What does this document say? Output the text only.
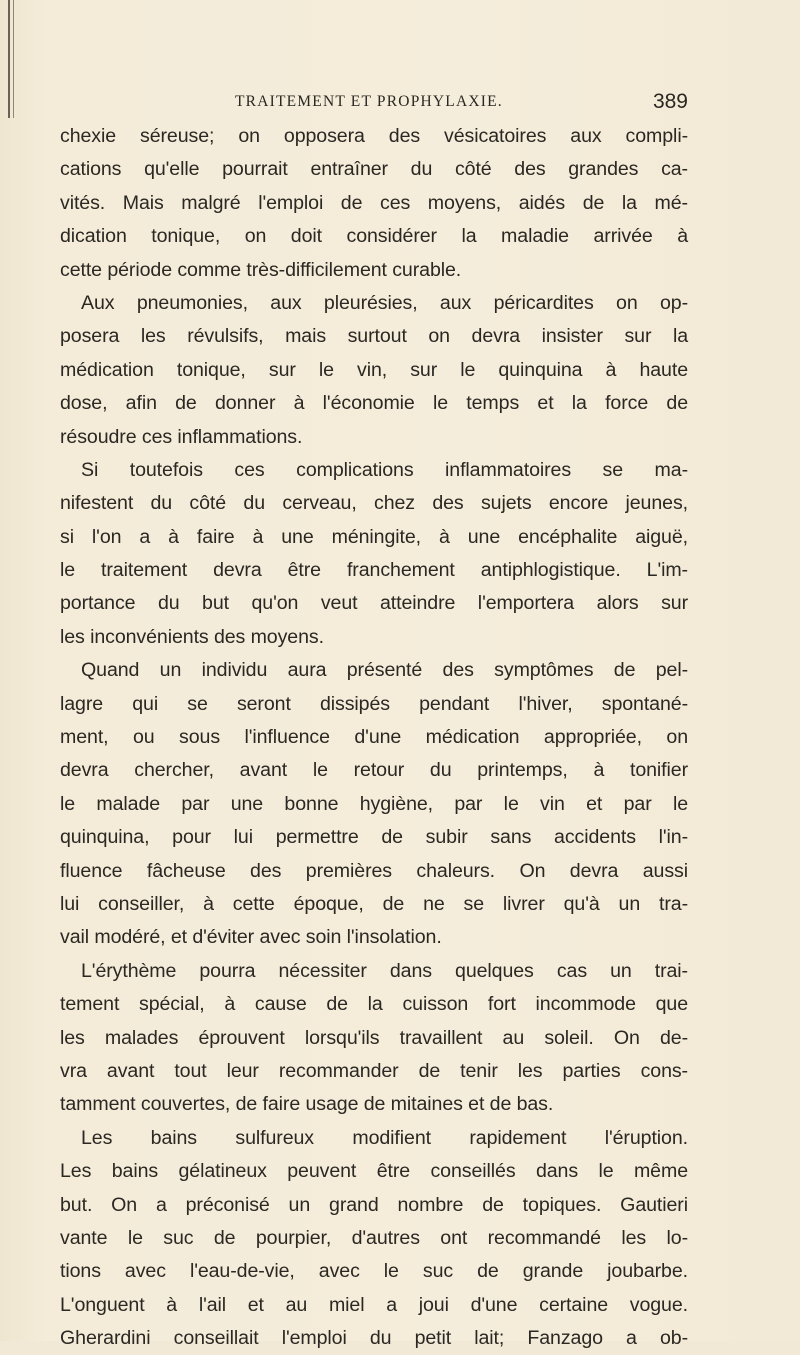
TRAITEMENT ET PROPHYLAXIE.	389
chexie séreuse; on opposera des vésicatoires aux compli-
cations qu'elle pourrait entraîner du côté des grandes ca-
vités. Mais malgré l'emploi de ces moyens, aidés de la mé-
dication tonique, on doit considérer la maladie arrivée à
cette période comme très-difficilement curable.
Aux pneumonies, aux pleurésies, aux péricardites on op-
posera les révulsifs, mais surtout on devra insister sur la
médication tonique, sur le vin, sur le quinquina à haute
dose, afin de donner à l'économie le temps et la force de
résoudre ces inflammations.
Si toutefois ces complications inflammatoires se ma-
nifestent du côté du cerveau, chez des sujets encore jeunes,
si l'on a à faire à une méningite, à une encéphalite aiguë,
le traitement devra être franchement antiphlogistique. L'im-
portance du but qu'on veut atteindre l'emportera alors sur
les inconvénients des moyens.
Quand un individu aura présenté des symptômes de pel-
lagre qui se seront dissipés pendant l'hiver, spontané-
ment, ou sous l'influence d'une médication appropriée, on
devra chercher, avant le retour du printemps, à tonifier
le malade par une bonne hygiène, par le vin et par le
quinquina, pour lui permettre de subir sans accidents l'in-
fluence fâcheuse des premières chaleurs. On devra aussi
lui conseiller, à cette époque, de ne se livrer qu'à un tra-
vail modéré, et d'éviter avec soin l'insolation.
L'érythème pourra nécessiter dans quelques cas un trai-
tement spécial, à cause de la cuisson fort incommode que
les malades éprouvent lorsqu'ils travaillent au soleil. On de-
vra avant tout leur recommander de tenir les parties cons-
tamment couvertes, de faire usage de mitaines et de bas.
Les bains sulfureux modifient rapidement l'éruption.
Les bains gélatineux peuvent être conseillés dans le même
but. On a préconisé un grand nombre de topiques. Gautieri
vante le suc de pourpier, d'autres ont recommandé les lo-
tions avec l'eau-de-vie, avec le suc de grande joubarbe.
L'onguent à l'ail et au miel a joui d'une certaine vogue.
Gherardini conseillait l'emploi du petit lait; Fanzago a ob-
